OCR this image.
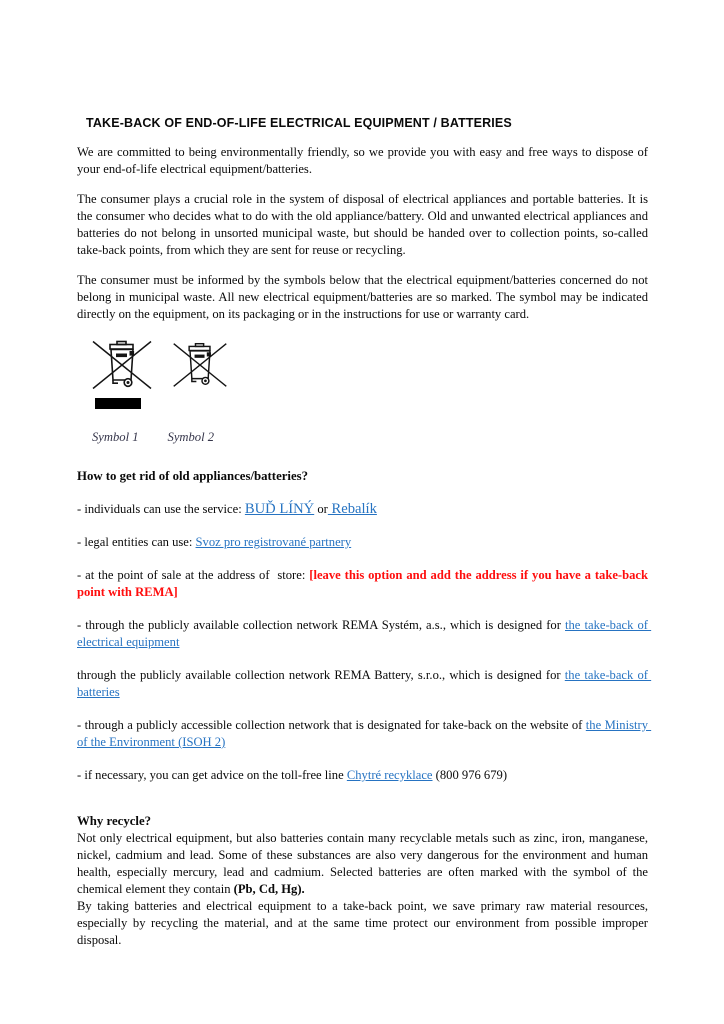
TAKE-BACK OF END-OF-LIFE ELECTRICAL EQUIPMENT / BATTERIES

We are committed to being environmentally friendly, so we provide you with easy and free ways to dispose of your end-of-life electrical equipment/batteries.

The consumer plays a crucial role in the system of disposal of electrical appliances and portable batteries. It is the consumer who decides what to do with the old appliance/battery. Old and unwanted electrical appliances and batteries do not belong in unsorted municipal waste, but should be handed over to collection points, so-called take-back points, from which they are sent for reuse or recycling.

The consumer must be informed by the symbols below that the electrical equipment/batteries concerned do not belong in municipal waste. All new electrical equipment/batteries are so marked. The symbol may be indicated directly on the equipment, on its packaging or in the instructions for use or warranty card.

Symbol 1 Symbol 2
How to get rid of old appliances/batteries?

- individuals can use the service: BUĎ LÍNÝ or Rebalík

- legal entities can use: Svoz pro registrované partnery

- at the point of sale at the address of  store: [leave this option and add the address if you have a take-back point with REMA]

- through the publicly available collection network REMA Systém, a.s., which is designed for the take-back of electrical equipment

through the publicly available collection network REMA Battery, s.r.o., which is designed for the take-back of batteries

- through a publicly accessible collection network that is designated for take-back on the website of the Ministry of the Environment (ISOH 2)

- if necessary, you can get advice on the toll-free line Chytré recyklace (800 976 679)

Why recycle?

Not only electrical equipment, but also batteries contain many recyclable metals such as zinc, iron, manganese, nickel, cadmium and lead. Some of these substances are also very dangerous for the environment and human health, especially mercury, lead and cadmium. Selected batteries are often marked with the symbol of the chemical element they contain (Pb, Cd, Hg).

By taking batteries and electrical equipment to a take-back point, we save primary raw material resources, especially by recycling the material, and at the same time protect our environment from possible improper disposal.
